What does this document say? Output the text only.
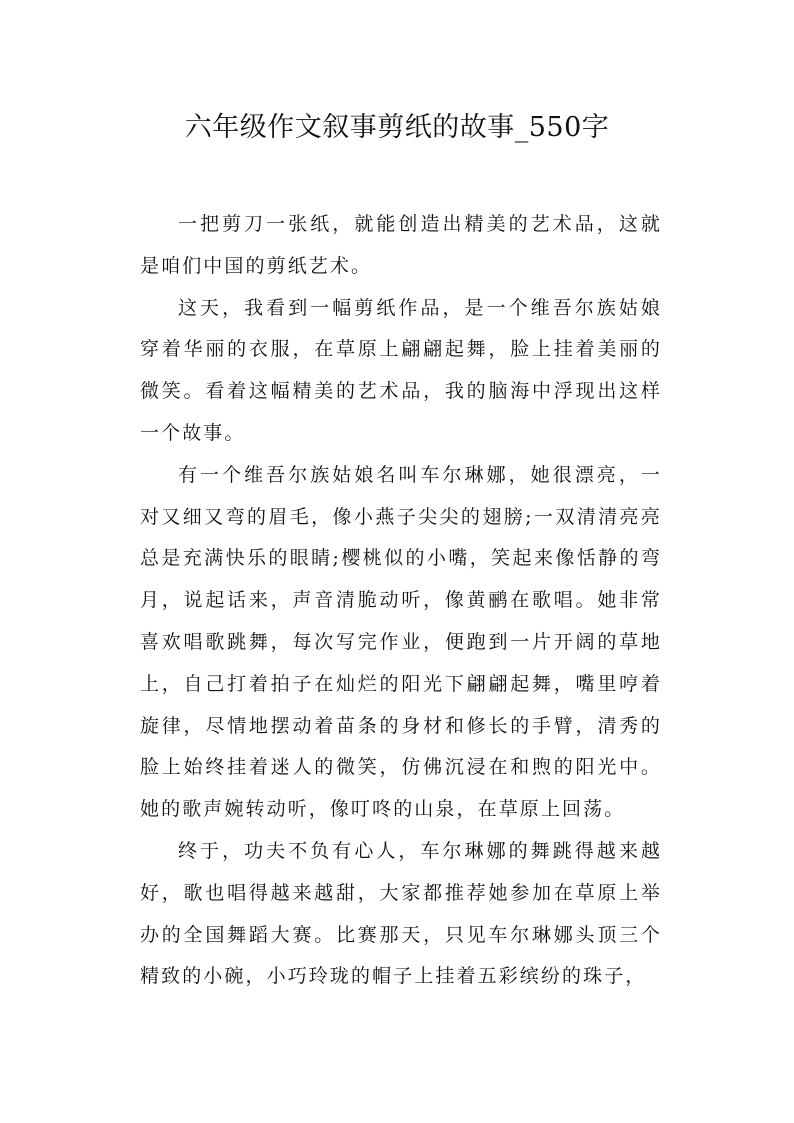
六年级作文叙事剪纸的故事_550字

一把剪刀一张纸，就能创造出精美的艺术品，这就是咱们中国的剪纸艺术。

这天，我看到一幅剪纸作品，是一个维吾尔族姑娘穿着华丽的衣服，在草原上翩翩起舞，脸上挂着美丽的微笑。看着这幅精美的艺术品，我的脑海中浮现出这样一个故事。

有一个维吾尔族姑娘名叫车尔琳娜，她很漂亮，一对又细又弯的眉毛，像小燕子尖尖的翅膀;一双清清亮亮总是充满快乐的眼睛;樱桃似的小嘴，笑起来像恬静的弯月，说起话来，声音清脆动听，像黄鹂在歌唱。她非常喜欢唱歌跳舞，每次写完作业，便跑到一片开阔的草地上，自己打着拍子在灿烂的阳光下翩翩起舞，嘴里哼着旋律，尽情地摆动着苗条的身材和修长的手臂，清秀的脸上始终挂着迷人的微笑，仿佛沉浸在和煦的阳光中。她的歌声婉转动听，像叮咚的山泉，在草原上回荡。

终于，功夫不负有心人，车尔琳娜的舞跳得越来越好，歌也唱得越来越甜，大家都推荐她参加在草原上举办的全国舞蹈大赛。比赛那天，只见车尔琳娜头顶三个精致的小碗，小巧玲珑的帽子上挂着五彩缤纷的珠子，
